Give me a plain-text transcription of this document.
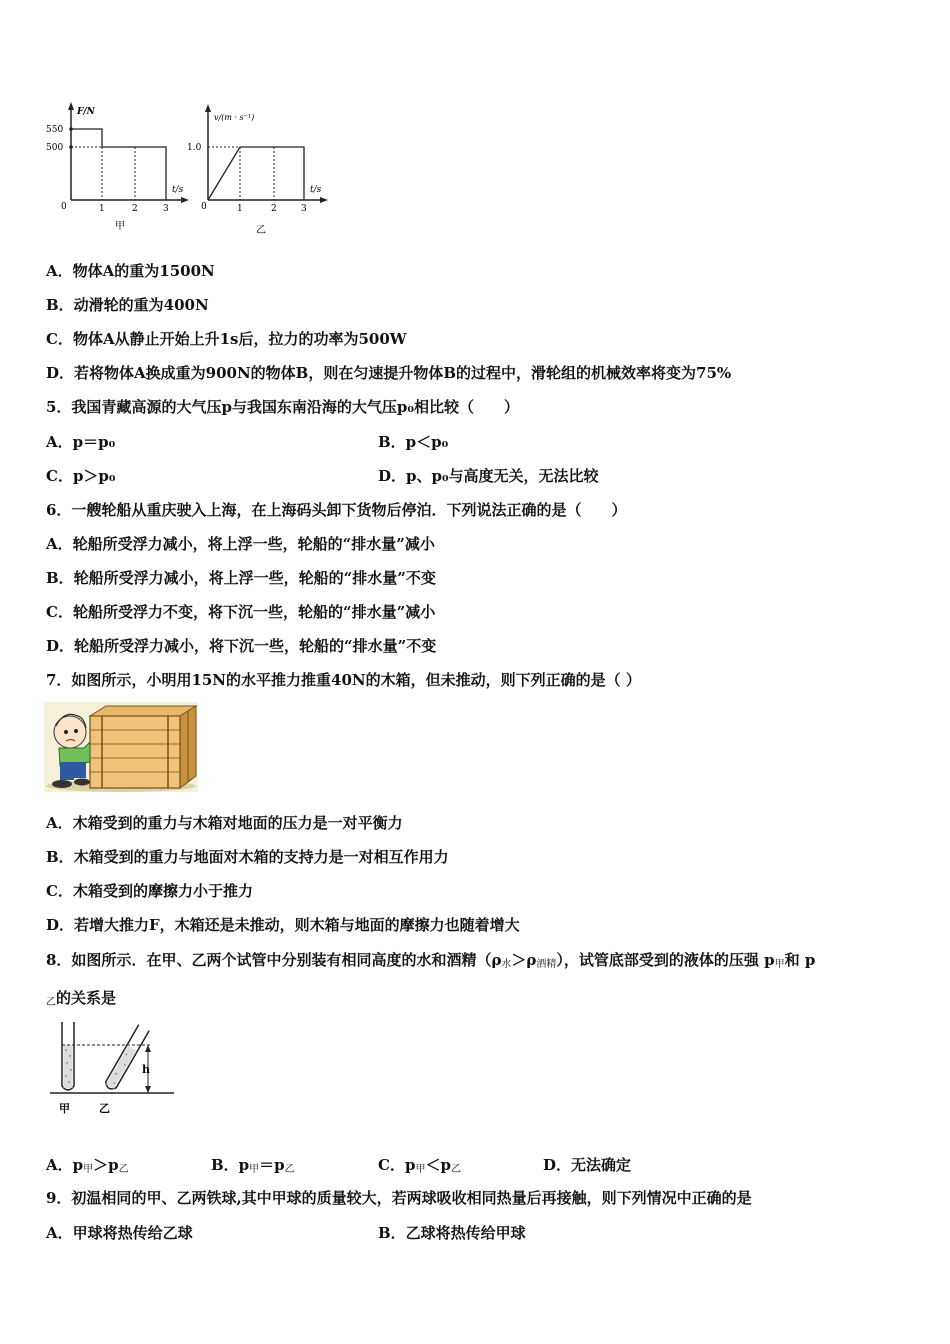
F/N
t/s
550
500
0	1	2	3
甲
v/(m · s⁻¹)
t/s
1.0
0	1	2	3
乙
A．物体A的重为1500N
B．动滑轮的重为400N
C．物体A从静止开始上升1s后，拉力的功率为500W
D．若将物体A换成重为900N的物体B，则在匀速提升物体B的过程中，滑轮组的机械效率将变为75%
5．我国青藏高源的大气压p与我国东南沿海的大气压p₀相比较（　　）
A．p＝p₀	B．p＜p₀
C．p＞p₀	D．p、p₀与高度无关，无法比较
6．一艘轮船从重庆驶入上海，在上海码头卸下货物后停泊．下列说法正确的是（　　）
A．轮船所受浮力减小，将上浮一些，轮船的“排水量”减小
B．轮船所受浮力减小，将上浮一些，轮船的“排水量”不变
C．轮船所受浮力不变，将下沉一些，轮船的“排水量”减小
D．轮船所受浮力减小，将下沉一些，轮船的“排水量”不变
7．如图所示，小明用15N的水平推力推重40N的木箱，但未推动，则下列正确的是（ ）
A．木箱受到的重力与木箱对地面的压力是一对平衡力
B．木箱受到的重力与地面对木箱的支持力是一对相互作用力
C．木箱受到的摩擦力小于推力
D．若增大推力F，木箱还是未推动，则木箱与地面的摩擦力也随着增大
8．如图所示．在甲、乙两个试管中分别装有相同高度的水和酒精$(\rho_水>\rho_{酒精})$，试管底部受到的液体的压强 $p_甲$和 p
$_乙$的关系是
h
甲	乙
A．$p_甲>p_乙$	B．$p_甲=p_乙$	C．$p_甲<p_乙$	D．无法确定
9．初温相同的甲、乙两铁球,其中甲球的质量较大，若两球吸收相同热量后再接触，则下列情况中正确的是
A．甲球将热传给乙球	B．乙球将热传给甲球
